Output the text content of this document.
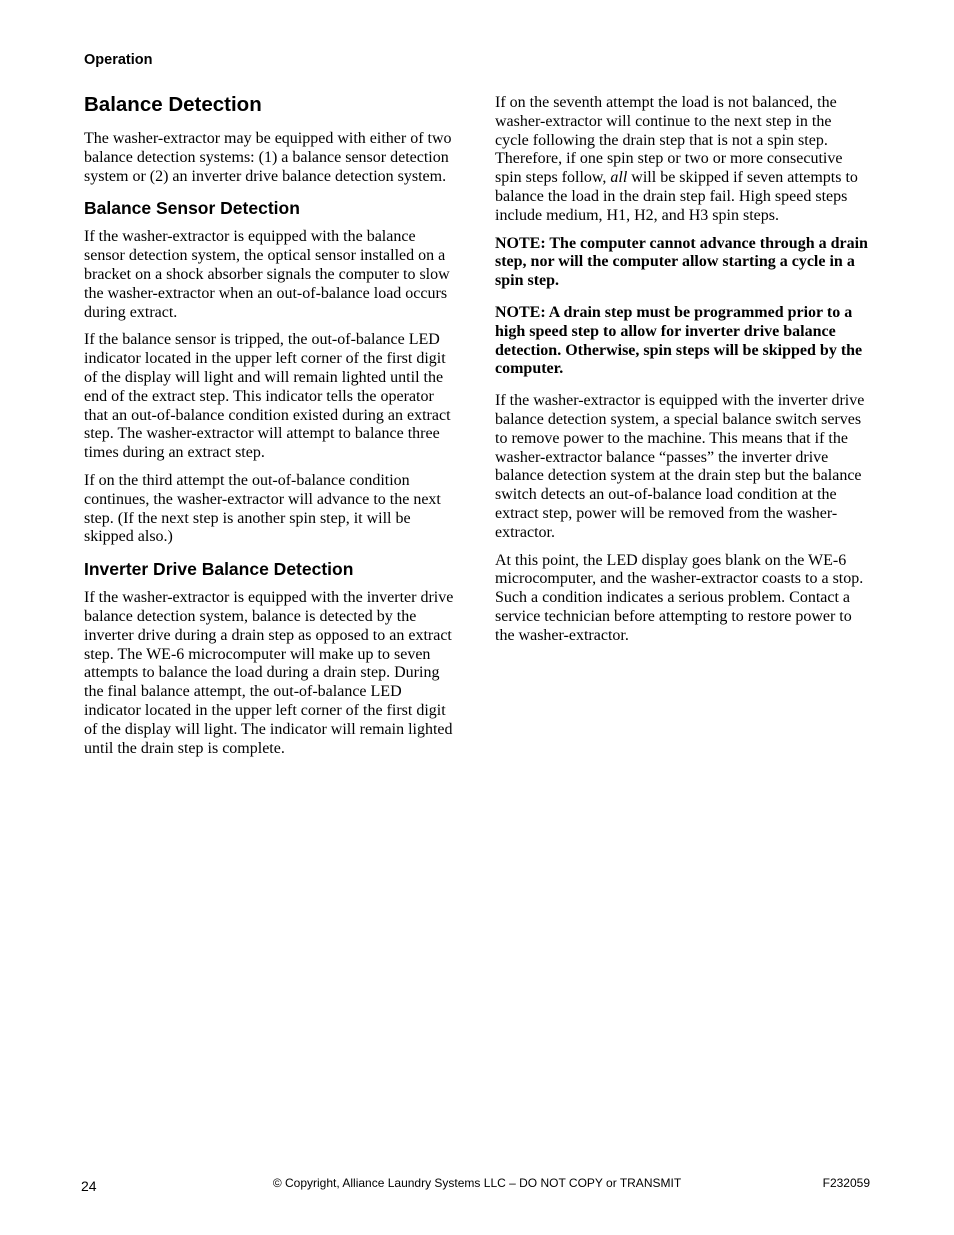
Operation
Balance Detection

The washer-extractor may be equipped with either of two balance detection systems: (1) a balance sensor detection system or (2) an inverter drive balance detection system.

Balance Sensor Detection

If the washer-extractor is equipped with the balance sensor detection system, the optical sensor installed on a bracket on a shock absorber signals the computer to slow the washer-extractor when an out-of-balance load occurs during extract.

If the balance sensor is tripped, the out-of-balance LED indicator located in the upper left corner of the first digit of the display will light and will remain lighted until the end of the extract step. This indicator tells the operator that an out-of-balance condition existed during an extract step. The washer-extractor will attempt to balance three times during an extract step.

If on the third attempt the out-of-balance condition continues, the washer-extractor will advance to the next step. (If the next step is another spin step, it will be skipped also.)

Inverter Drive Balance Detection

If the washer-extractor is equipped with the inverter drive balance detection system, balance is detected by the inverter drive during a drain step as opposed to an extract step. The WE-6 microcomputer will make up to seven attempts to balance the load during a drain step. During the final balance attempt, the out-of-balance LED indicator located in the upper left corner of the first digit of the display will light. The indicator will remain lighted until the drain step is complete.

If on the seventh attempt the load is not balanced, the washer-extractor will continue to the next step in the cycle following the drain step that is not a spin step. Therefore, if one spin step or two or more consecutive spin steps follow, all will be skipped if seven attempts to balance the load in the drain step fail. High speed steps include medium, H1, H2, and H3 spin steps.

NOTE: The computer cannot advance through a drain step, nor will the computer allow starting a cycle in a spin step.

NOTE: A drain step must be programmed prior to a high speed step to allow for inverter drive balance detection. Otherwise, spin steps will be skipped by the computer.

If the washer-extractor is equipped with the inverter drive balance detection system, a special balance switch serves to remove power to the machine. This means that if the washer-extractor balance “passes” the inverter drive balance detection system at the drain step but the balance switch detects an out-of-balance load condition at the extract step, power will be removed from the washer-extractor.

At this point, the LED display goes blank on the WE-6 microcomputer, and the washer-extractor coasts to a stop. Such a condition indicates a serious problem. Contact a service technician before attempting to restore power to the washer-extractor.

24	© Copyright, Alliance Laundry Systems LLC – DO NOT COPY or TRANSMIT	F232059
